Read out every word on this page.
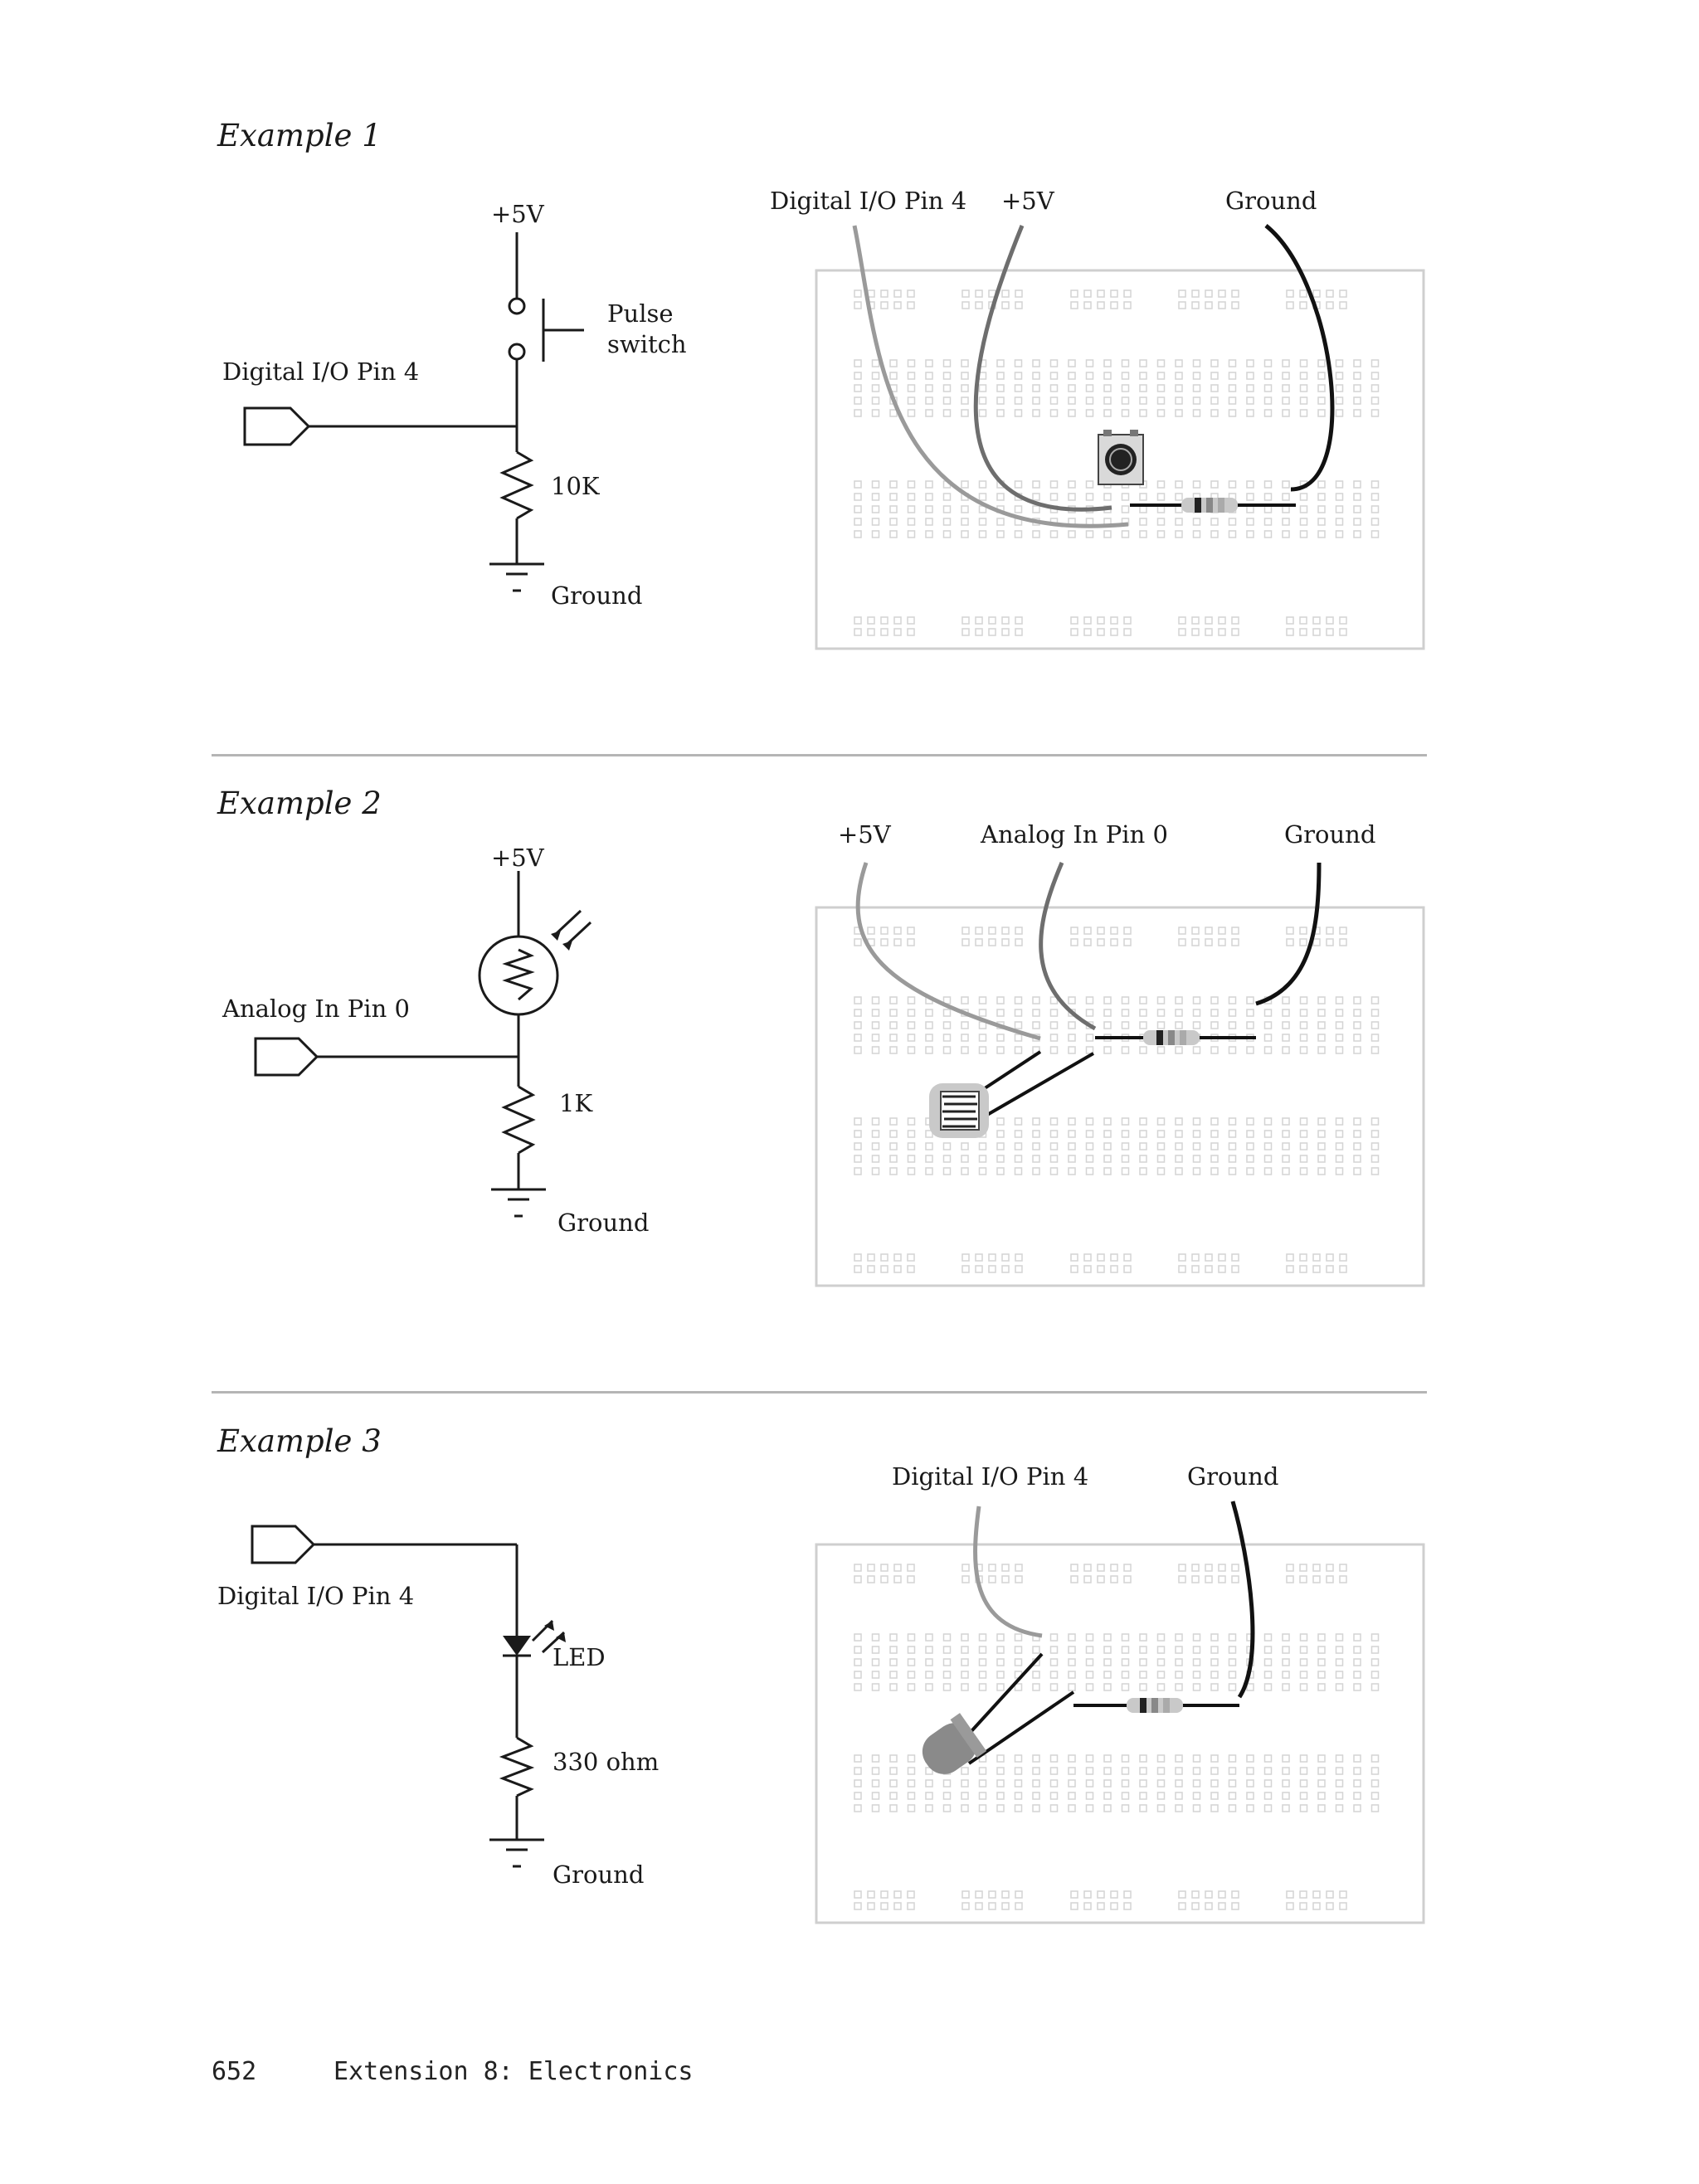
Example 1
+5V
Pulse
switch
Digital I/O Pin 4
10K
Ground
Digital I/O Pin 4 +5V	Ground
Example 2
+5V
Analog In Pin 0
1K
Ground
+5V	Analog In Pin 0	Ground
Example 3
Digital I/O Pin 4
LED
330 ohm
Ground
Digital I/O Pin 4	Ground
652	Extension 8: Electronics
